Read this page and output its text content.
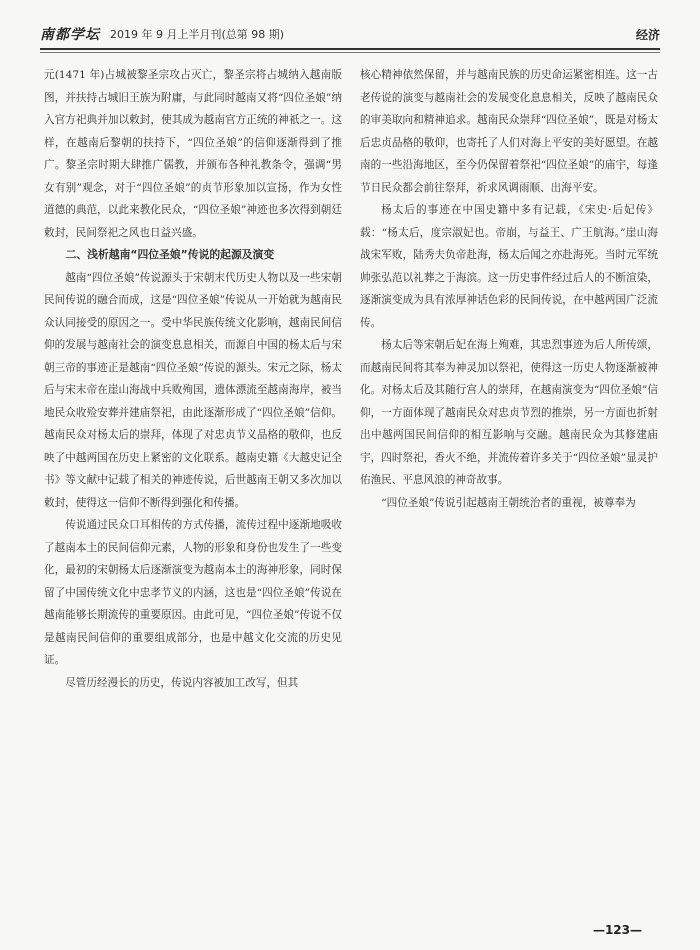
南都学坛 2019 年 9 月上半月刊(总第 98 期)	经济

元(1471 年)占城被黎圣宗攻占灭亡，黎圣宗将占城纳入越南版图，并扶持占城旧王族为附庸，与此同时越南又将“四位圣娘”纳入官方祀典并加以敕封，使其成为越南官方正统的神祇之一。这样，在越南后黎朝的扶持下，“四位圣娘”的信仰逐渐得到了推广。黎圣宗时期大肆推广儒教，并颁布各种礼教条令，强调“男女有别”观念，对于“四位圣娘”的贞节形象加以宣扬，作为女性道德的典范，以此来教化民众，“四位圣娘”神迹也多次得到朝廷敕封，民间祭祀之风也日益兴盛。

二、浅析越南“四位圣娘”传说的起源及演变

越南“四位圣娘”传说源头于宋朝末代历史人物以及一些宋朝民间传说的融合而成，这是“四位圣娘”传说从一开始就为越南民众认同接受的原因之一。受中华民族传统文化影响，越南民间信仰的发展与越南社会的演变息息相关，而源自中国的杨太后与宋朝三帝的事迹正是越南“四位圣娘”传说的源头。宋元之际，杨太后与宋末帝在崖山海战中兵败殉国，遗体漂流至越南海岸，被当地民众收殓安葬并建庙祭祀，由此逐渐形成了“四位圣娘”信仰。越南民众对杨太后的崇拜，体现了对忠贞节义品格的敬仰，也反映了中越两国在历史上紧密的文化联系。越南史籍《大越史记全书》等文献中记载了相关的神迹传说，后世越南王朝又多次加以敕封，使得这一信仰不断得到强化和传播。

传说通过民众口耳相传的方式传播，流传过程中逐渐地吸收了越南本土的民间信仰元素，人物的形象和身份也发生了一些变化，最初的宋朝杨太后逐渐演变为越南本土的海神形象，同时保留了中国传统文化中忠孝节义的内涵，这也是“四位圣娘”传说在越南能够长期流传的重要原因。由此可见，“四位圣娘”传说不仅是越南民间信仰的重要组成部分，也是中越文化交流的历史见证。

尽管历经漫长的历史，传说内容被加工改写，但其

核心精神依然保留，并与越南民族的历史命运紧密相连。这一古老传说的演变与越南社会的发展变化息息相关，反映了越南民众的审美取向和精神追求。越南民众崇拜“四位圣娘”，既是对杨太后忠贞品格的敬仰，也寄托了人们对海上平安的美好愿望。在越南的一些沿海地区，至今仍保留着祭祀“四位圣娘”的庙宇，每逢节日民众都会前往祭拜，祈求风调雨顺、出海平安。

杨太后的事迹在中国史籍中多有记载，《宋史·后妃传》载：“杨太后，度宗淑妃也。帝崩，与益王、广王航海。”崖山海战宋军败，陆秀夫负帝赴海，杨太后闻之亦赴海死。当时元军统帅张弘范以礼葬之于海滨。这一历史事件经过后人的不断渲染，逐渐演变成为具有浓厚神话色彩的民间传说，在中越两国广泛流传。

杨太后等宋朝后妃在海上殉难，其忠烈事迹为后人所传颂，而越南民间将其奉为神灵加以祭祀，使得这一历史人物逐渐被神化。对杨太后及其随行宫人的崇拜，在越南演变为“四位圣娘”信仰，一方面体现了越南民众对忠贞节烈的推崇，另一方面也折射出中越两国民间信仰的相互影响与交融。越南民众为其修建庙宇，四时祭祀，香火不绝，并流传着许多关于“四位圣娘”显灵护佑渔民、平息风浪的神奇故事。

“四位圣娘”传说引起越南王朝统治者的重视，被尊奉为

—123—
